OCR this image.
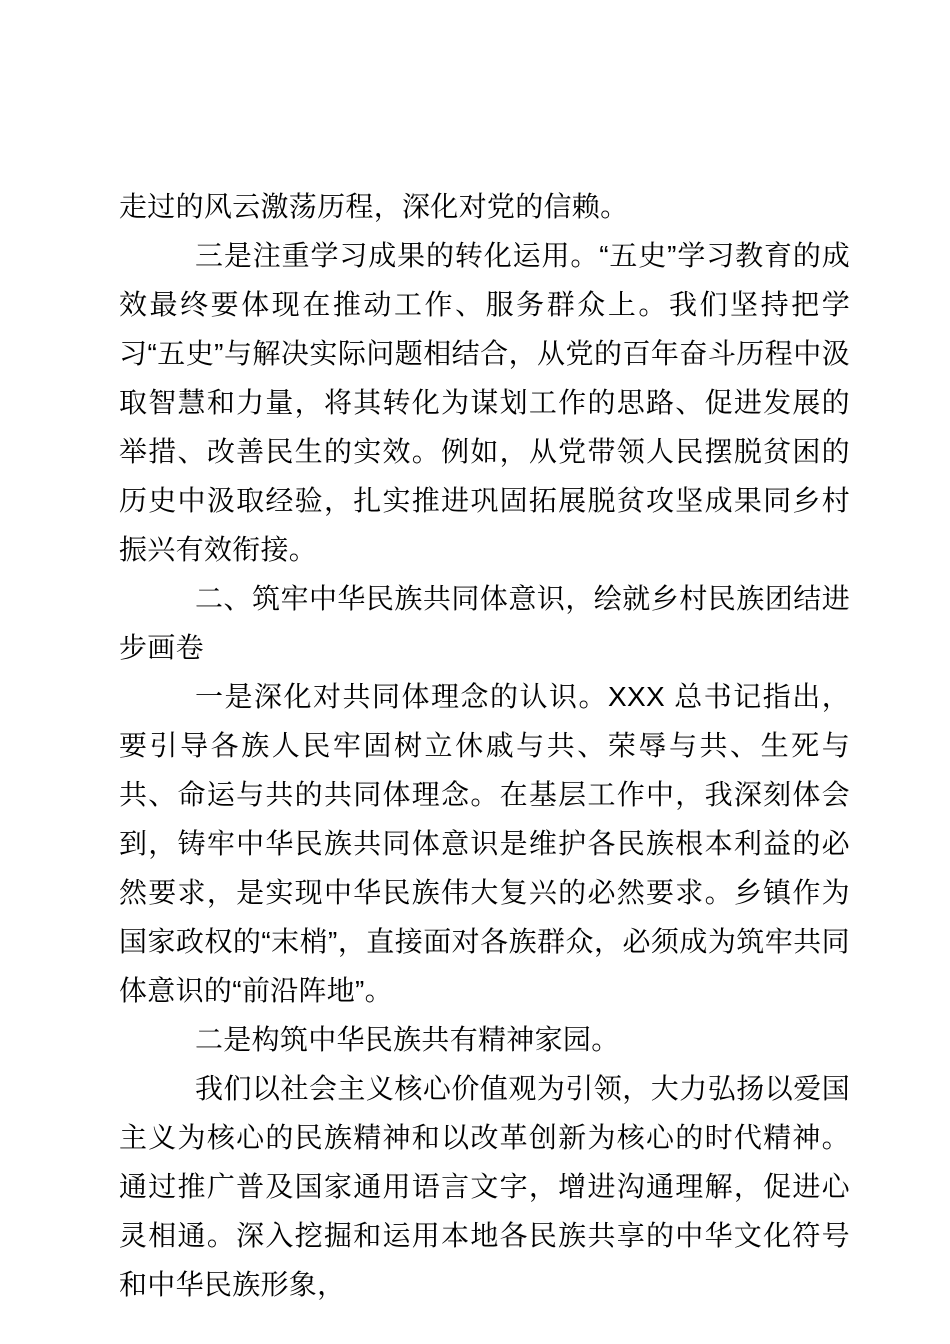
走过的风云激荡历程，深化对党的信赖。

三是注重学习成果的转化运用。“五史”学习教育的成效最终要体现在推动工作、服务群众上。我们坚持把学习“五史”与解决实际问题相结合，从党的百年奋斗历程中汲取智慧和力量，将其转化为谋划工作的思路、促进发展的举措、改善民生的实效。例如，从党带领人民摆脱贫困的历史中汲取经验，扎实推进巩固拓展脱贫攻坚成果同乡村振兴有效衔接。

二、筑牢中华民族共同体意识，绘就乡村民族团结进步画卷

一是深化对共同体理念的认识。XXX 总书记指出，要引导各族人民牢固树立休戚与共、荣辱与共、生死与共、命运与共的共同体理念。在基层工作中，我深刻体会到，铸牢中华民族共同体意识是维护各民族根本利益的必然要求，是实现中华民族伟大复兴的必然要求。乡镇作为国家政权的“末梢”，直接面对各族群众，必须成为筑牢共同体意识的“前沿阵地”。

二是构筑中华民族共有精神家园。

我们以社会主义核心价值观为引领，大力弘扬以爱国主义为核心的民族精神和以改革创新为核心的时代精神。通过推广普及国家通用语言文字，增进沟通理解，促进心灵相通。深入挖掘和运用本地各民族共享的中华文化符号和中华民族形象，
